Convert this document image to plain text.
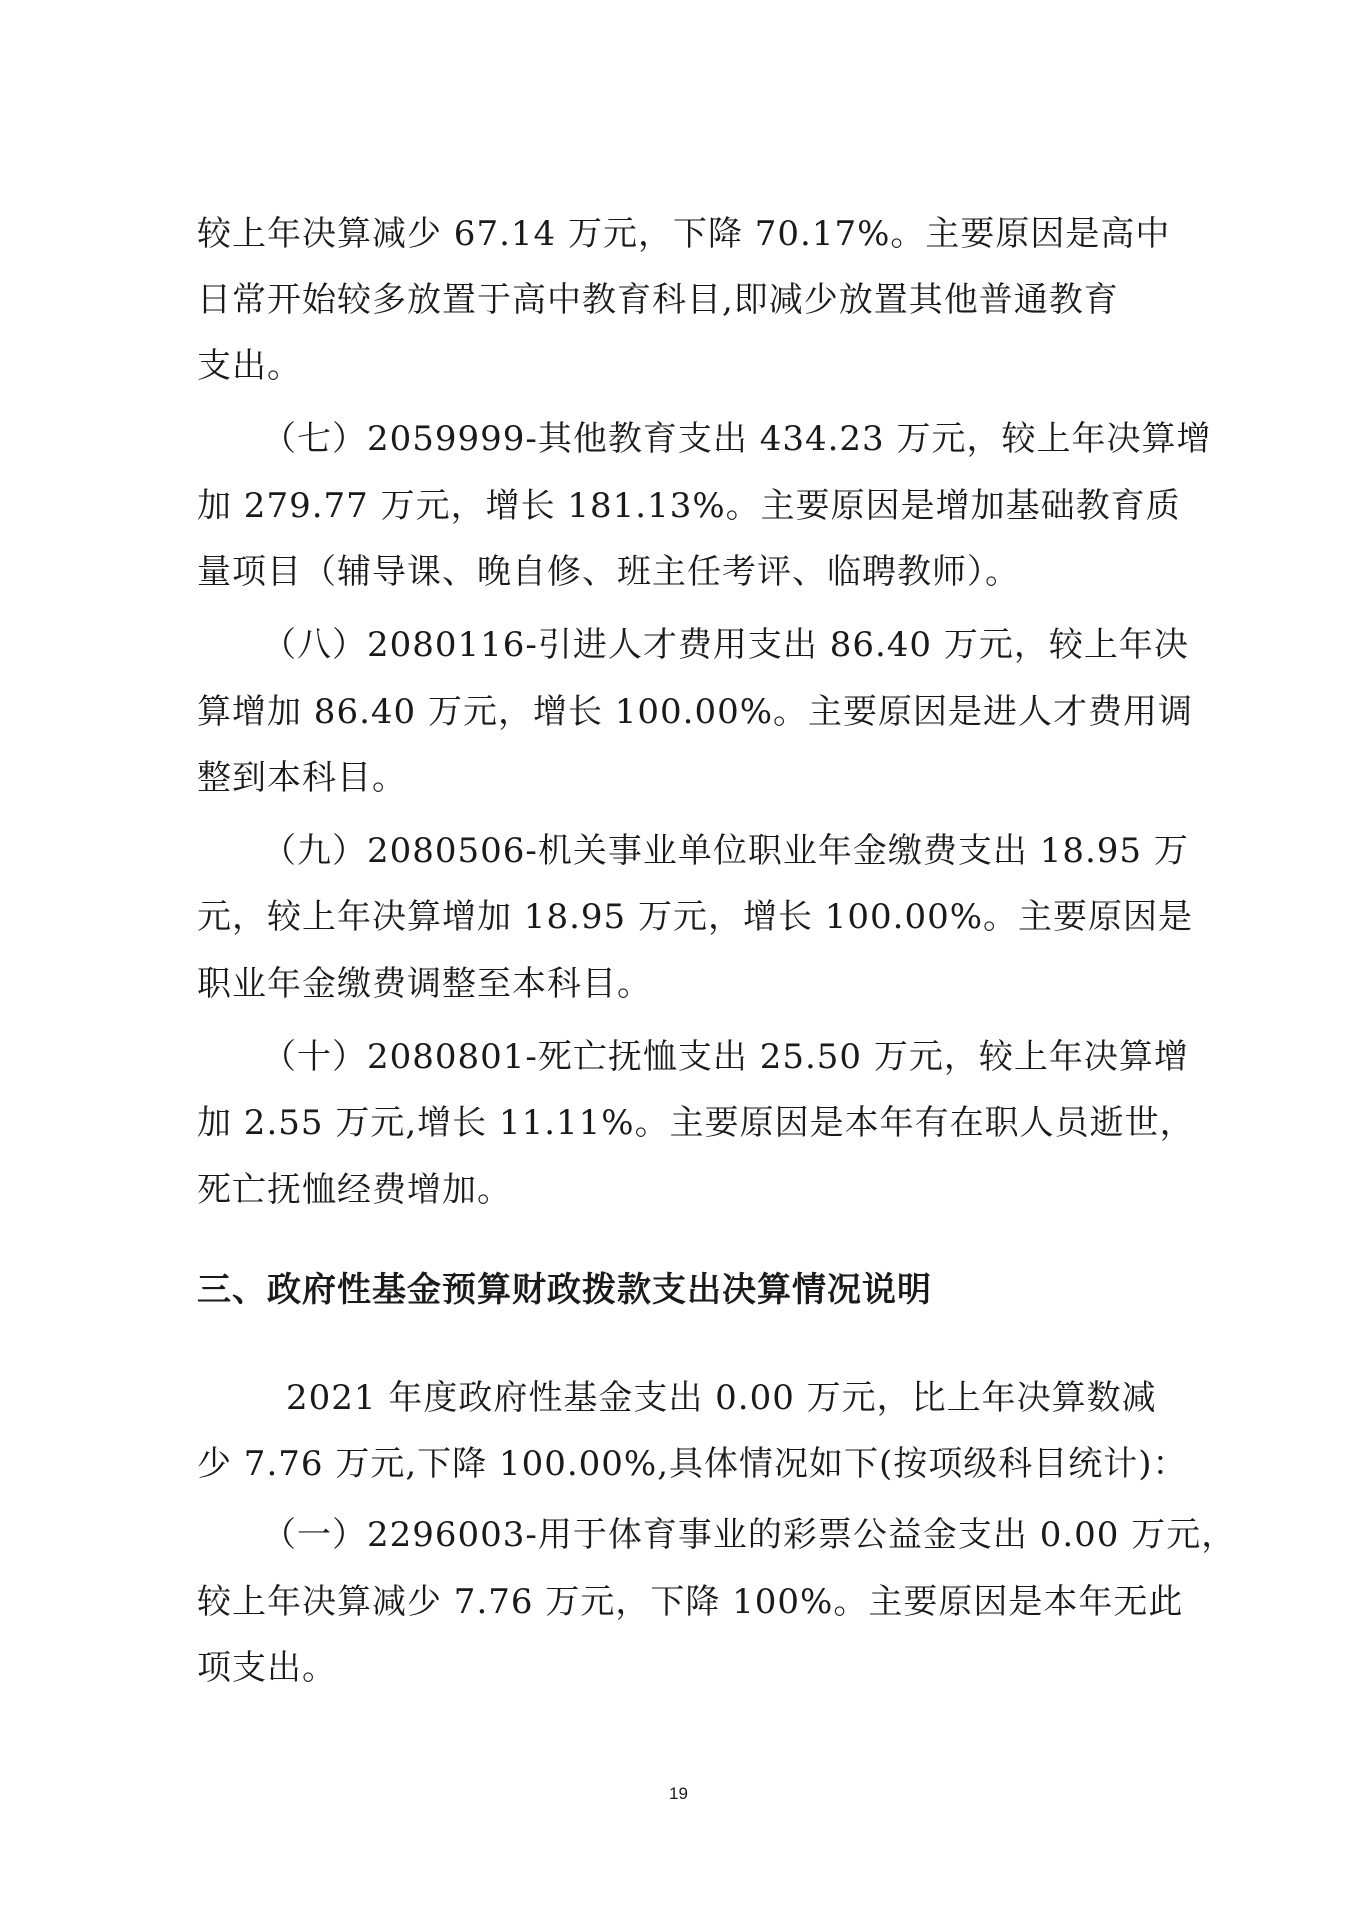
较上年决算减少 67.14 万元，下降 70.17%。主要原因是高中
日常开始较多放置于高中教育科目,即减少放置其他普通教育
支出。
（七）2059999-其他教育支出 434.23 万元，较上年决算增
加 279.77 万元，增长 181.13%。主要原因是增加基础教育质
量项目（辅导课、晚自修、班主任考评、临聘教师）。
（八）2080116-引进人才费用支出 86.40 万元，较上年决
算增加 86.40 万元，增长 100.00%。主要原因是进人才费用调
整到本科目。
（九）2080506-机关事业单位职业年金缴费支出 18.95 万
元，较上年决算增加 18.95 万元，增长 100.00%。主要原因是
职业年金缴费调整至本科目。
（十）2080801-死亡抚恤支出 25.50 万元，较上年决算增
加 2.55 万元,增长 11.11%。主要原因是本年有在职人员逝世，
死亡抚恤经费增加。
三、政府性基金预算财政拨款支出决算情况说明
2021 年度政府性基金支出 0.00 万元，比上年决算数减
少 7.76 万元,下降 100.00%,具体情况如下(按项级科目统计)：
（一）2296003-用于体育事业的彩票公益金支出 0.00 万元，
较上年决算减少 7.76 万元，下降 100%。主要原因是本年无此
项支出。
19
